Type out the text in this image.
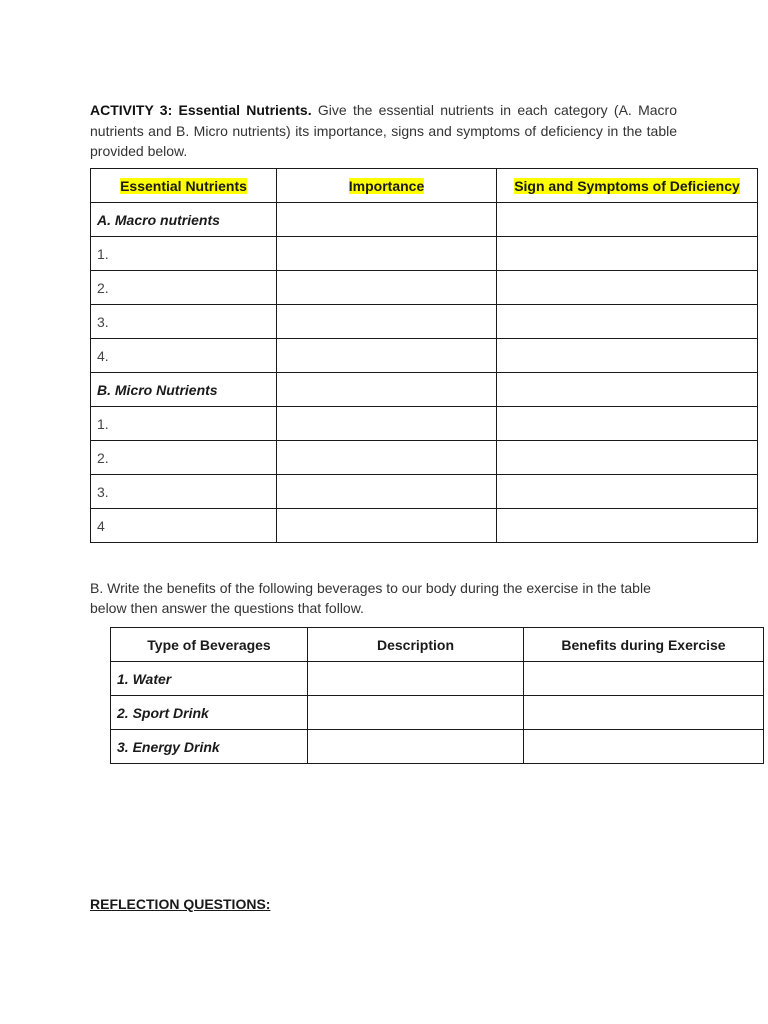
ACTIVITY 3: Essential Nutrients. Give the essential nutrients in each category (A. Macro nutrients and B. Micro nutrients) its importance, signs and symptoms of deficiency in the table provided below.

Essential Nutrients	Importance	Sign and Symptoms of Deficiency
A. Macro nutrients		
1.		
2.		
3.		
4.		
B. Micro Nutrients		
1.		
2.		
3.		
4		

B. Write the benefits of the following beverages to our body during the exercise in the table below then answer the questions that follow.

Type of Beverages	Description	Benefits during Exercise
1. Water		
2. Sport Drink		
3. Energy Drink		

REFLECTION QUESTIONS:
